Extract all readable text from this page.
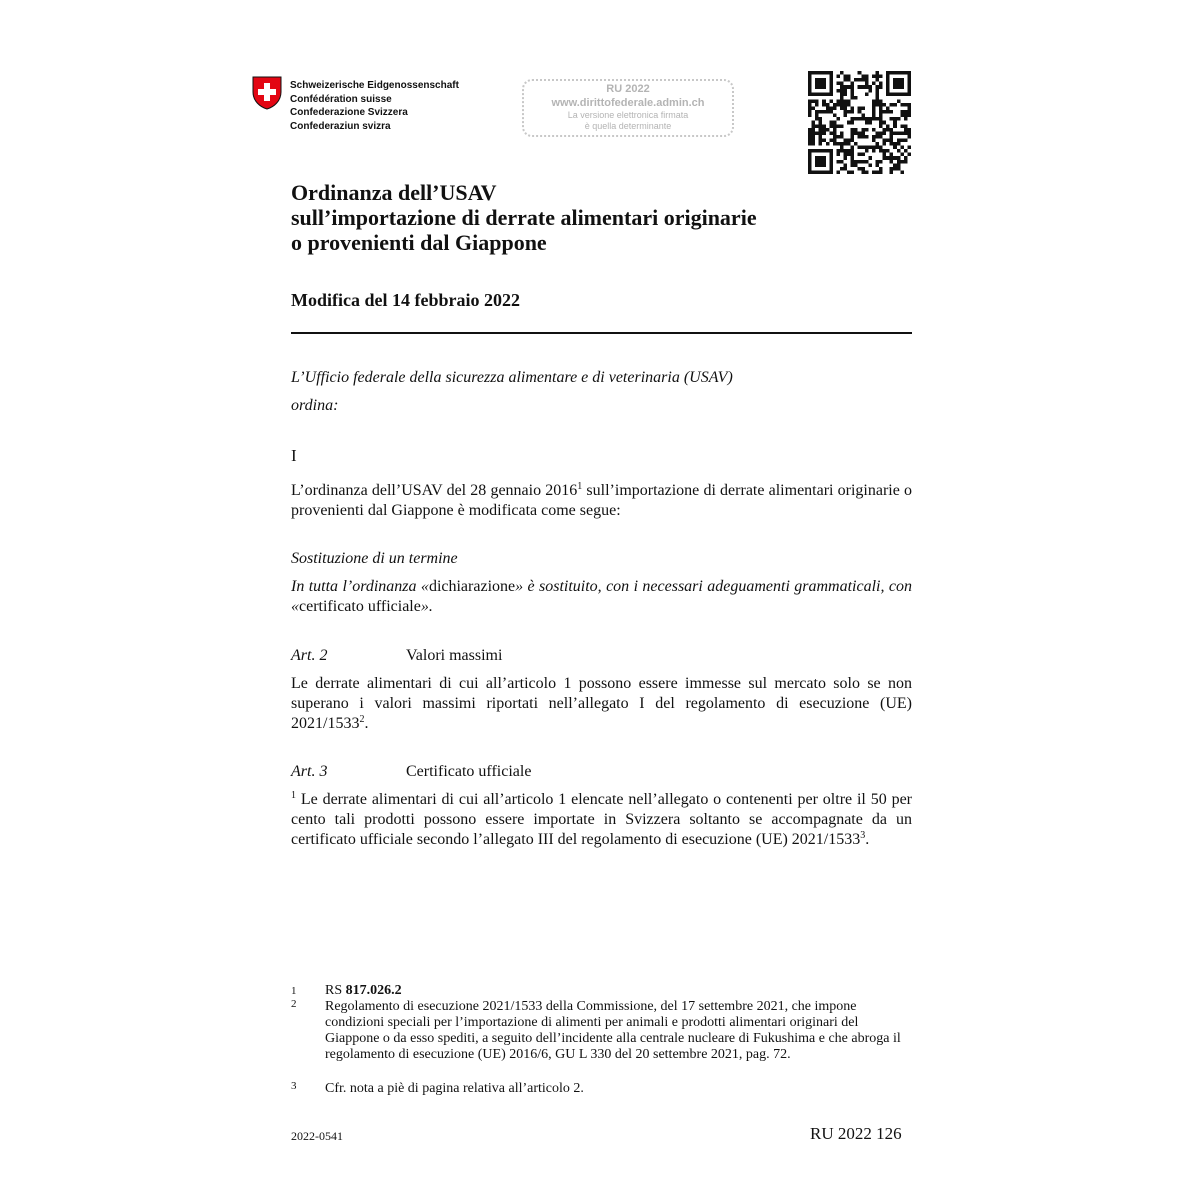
Schweizerische Eidgenossenschaft
Confédération suisse
Confederazione Svizzera
Confederaziun svizra
RU 2022
www.dirittofederale.admin.ch
La versione elettronica firmata
è quella determinante
Ordinanza dell’USAV
sull’importazione di derrate alimentari originarie
o provenienti dal Giappone
Modifica del 14 febbraio 2022
L’Ufficio federale della sicurezza alimentare e di veterinaria (USAV)
ordina:
I
L’ordinanza dell’USAV del 28 gennaio 2016$^1$ sull’importazione di derrate alimentari originarie o provenienti dal Giappone è modificata come segue:
Sostituzione di un termine
In tutta l’ordinanza «dichiarazione» è sostituito, con i necessari adeguamenti grammaticali, con «certificato ufficiale».
Art. 2	Valori massimi
Le derrate alimentari di cui all’articolo 1 possono essere immesse sul mercato solo se non superano i valori massimi riportati nell’allegato I del regolamento di esecuzione (UE) 2021/1533$^2$.
Art. 3	Certificato ufficiale
$^1$ Le derrate alimentari di cui all’articolo 1 elencate nell’allegato o contenenti per oltre il 50 per cento tali prodotti possono essere importate in Svizzera soltanto se accompagnate da un certificato ufficiale secondo l’allegato III del regolamento di esecuzione (UE) 2021/1533$^3$.
1 RS 817.026.2
2 Regolamento di esecuzione 2021/1533 della Commissione, del 17 settembre 2021, che impone condizioni speciali per l’importazione di alimenti per animali e prodotti alimentari originari del Giappone o da esso spediti, a seguito dell’incidente alla centrale nucleare di Fukushima e che abroga il regolamento di esecuzione (UE) 2016/6, GU L 330 del 20 settembre 2021, pag. 72.
3 Cfr. nota a piè di pagina relativa all’articolo 2.
2022-0541	RU 2022 126
